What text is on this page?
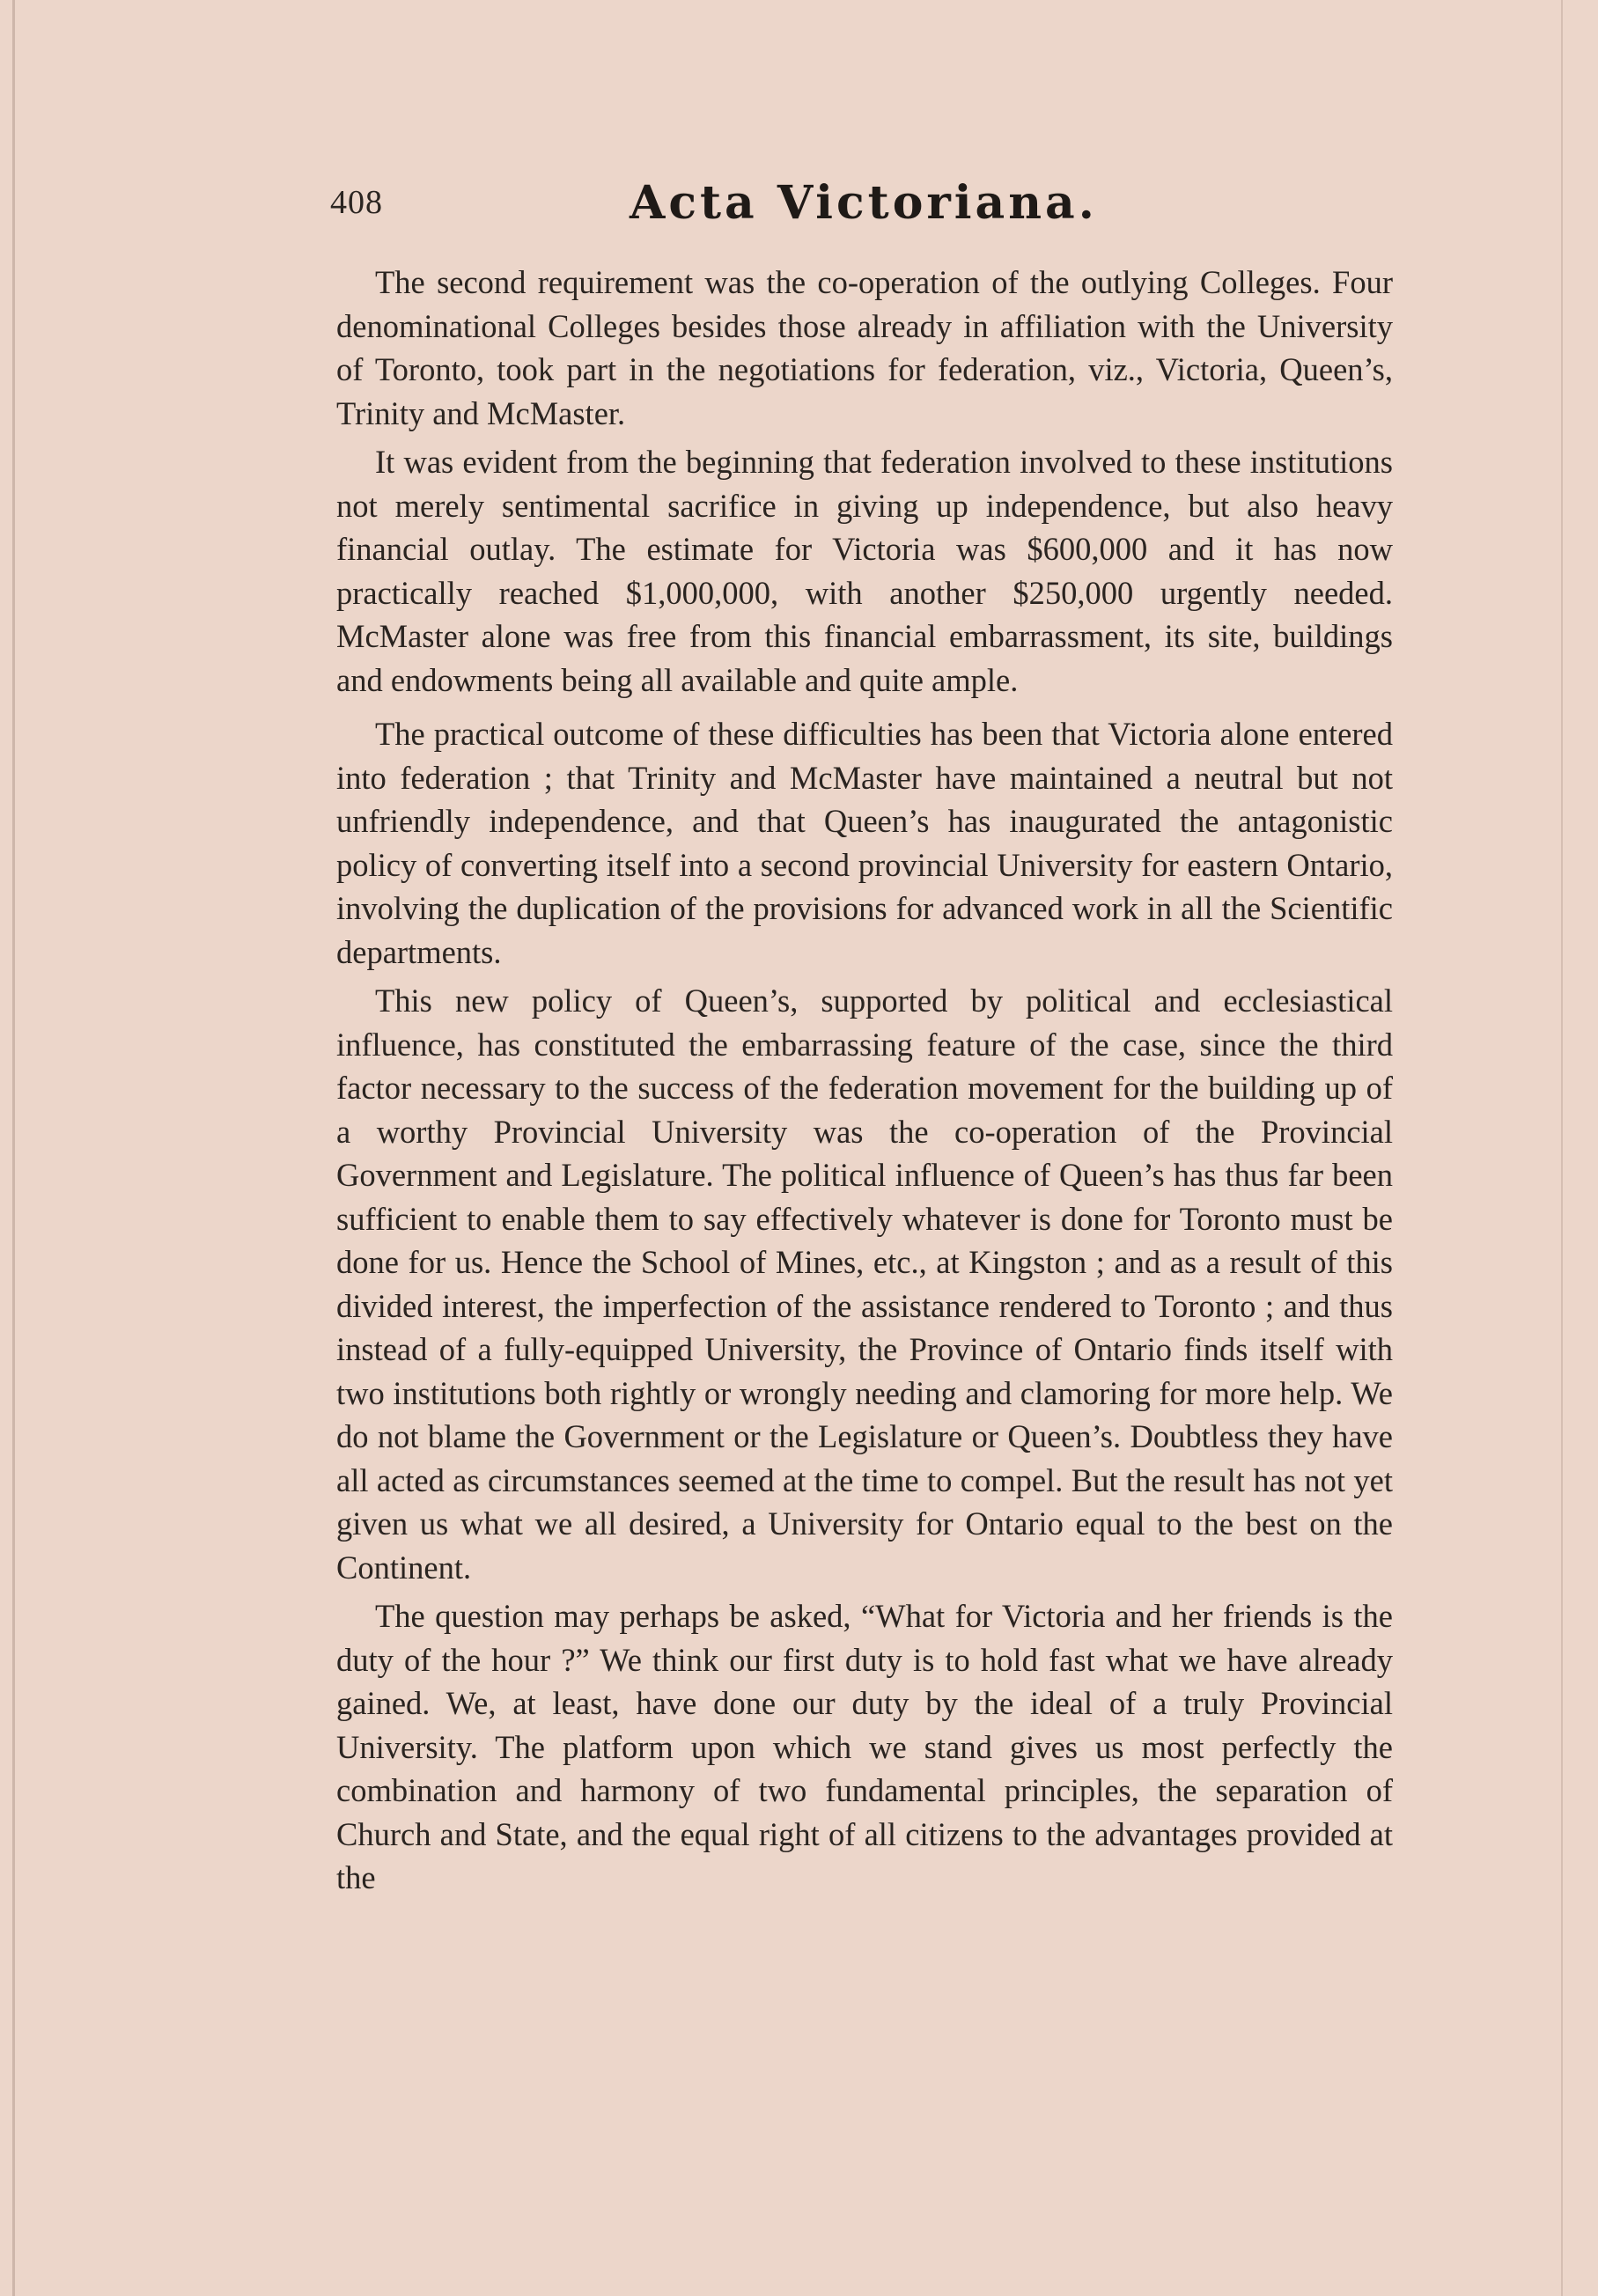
408	Acta Victoriana.

The second requirement was the co-operation of the outlying Colleges. Four denominational Colleges besides those already in affiliation with the University of Toronto, took part in the negotiations for federation, viz., Victoria, Queen’s, Trinity and McMaster.

It was evident from the beginning that federation involved to these institutions not merely sentimental sacrifice in giving up independence, but also heavy financial outlay. The estimate for Victoria was $600,000 and it has now practically reached $1,000,000, with another $250,000 urgently needed. McMaster alone was free from this financial embarrassment, its site, buildings and endowments being all available and quite ample.

The practical outcome of these difficulties has been that Victoria alone entered into federation ; that Trinity and McMaster have maintained a neutral but not unfriendly independence, and that Queen’s has inaugurated the antagonistic policy of converting itself into a second provincial University for eastern Ontario, involving the duplication of the provisions for advanced work in all the Scientific departments.

This new policy of Queen’s, supported by political and ecclesiastical influence, has constituted the embarrassing feature of the case, since the third factor necessary to the success of the federation movement for the building up of a worthy Provincial University was the co-operation of the Provincial Government and Legislature. The political influence of Queen’s has thus far been sufficient to enable them to say effectively whatever is done for Toronto must be done for us. Hence the School of Mines, etc., at Kingston ; and as a result of this divided interest, the imperfection of the assistance rendered to Toronto ; and thus instead of a fully-equipped University, the Province of Ontario finds itself with two institutions both rightly or wrongly needing and clamoring for more help. We do not blame the Government or the Legislature or Queen’s. Doubtless they have all acted as circumstances seemed at the time to compel. But the result has not yet given us what we all desired, a University for Ontario equal to the best on the Continent.

The question may perhaps be asked, “What for Victoria and her friends is the duty of the hour ?” We think our first duty is to hold fast what we have already gained. We, at least, have done our duty by the ideal of a truly Provincial University. The platform upon which we stand gives us most perfectly the combination and harmony of two fundamental principles, the separation of Church and State, and the equal right of all citizens to the advantages provided at the
